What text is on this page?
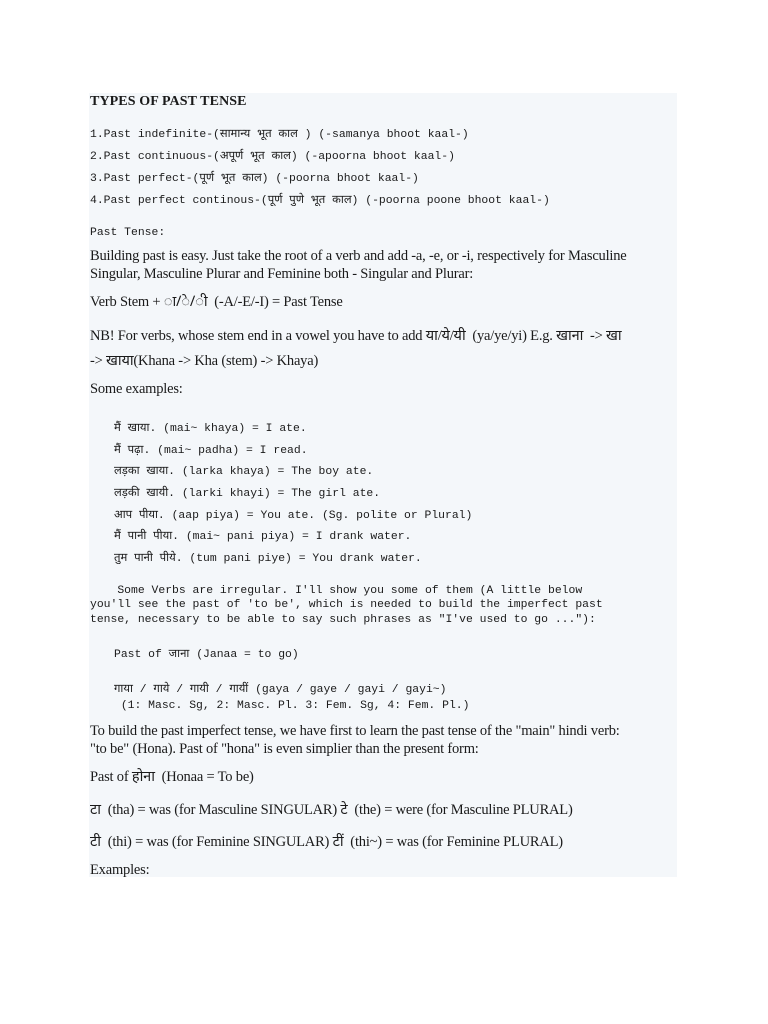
TYPES OF PAST TENSE
1.Past indefinite-(सामान्य भूत काल ) (-samanya bhoot kaal-)
2.Past continuous-(अपूर्ण भूत काल) (-apoorna bhoot kaal-)
3.Past perfect-(पूर्ण भूत काल) (-poorna bhoot kaal-)
4.Past perfect continous-(पूर्ण पुणे भूत काल) (-poorna poone bhoot kaal-)
Past Tense:
Building past is easy. Just take the root of a verb and add -a, -e, or -i, respectively for Masculine
Singular, Masculine Plurar and Feminine both - Singular and Plurar:
Verb Stem + ा/े/ी  (-A/-E/-I) = Past Tense
NB! For verbs, whose stem end in a vowel you have to add या/ये/यी  (ya/ye/yi) E.g. खाना  -> खा
-> खाया(Khana -> Kha (stem) -> Khaya)
Some examples:
मैं खाया. (mai~ khaya) = I ate.
मैं पढ़ा. (mai~ padha) = I read.
लड़का खाया. (larka khaya) = The boy ate.
लड़की खायी. (larki khayi) = The girl ate.
आप पीया. (aap piya) = You ate. (Sg. polite or Plural)
मैं पानी पीया. (mai~ pani piya) = I drank water.
तुम पानी पीये. (tum pani piye) = You drank water.
Some Verbs are irregular. I'll show you some of them (A little below
you'll see the past of 'to be', which is needed to build the imperfect past
tense, necessary to be able to say such phrases as "I've used to go ..."):
Past of जाना (Janaa = to go)
गाया / गाये / गायी / गायीं (gaya / gaye / gayi / gayi~)
(1: Masc. Sg, 2: Masc. Pl. 3: Fem. Sg, 4: Fem. Pl.)
To build the past imperfect tense, we have first to learn the past tense of the "main" hindi verb:
"to be" (Hona). Past of "hona" is even simplier than the present form:
Past of होना  (Honaa = To be)
टा  (tha) = was (for Masculine SINGULAR) टे  (the) = were (for Masculine PLURAL)
टी  (thi) = was (for Feminine SINGULAR) टीं  (thi~) = was (for Feminine PLURAL)
Examples:
